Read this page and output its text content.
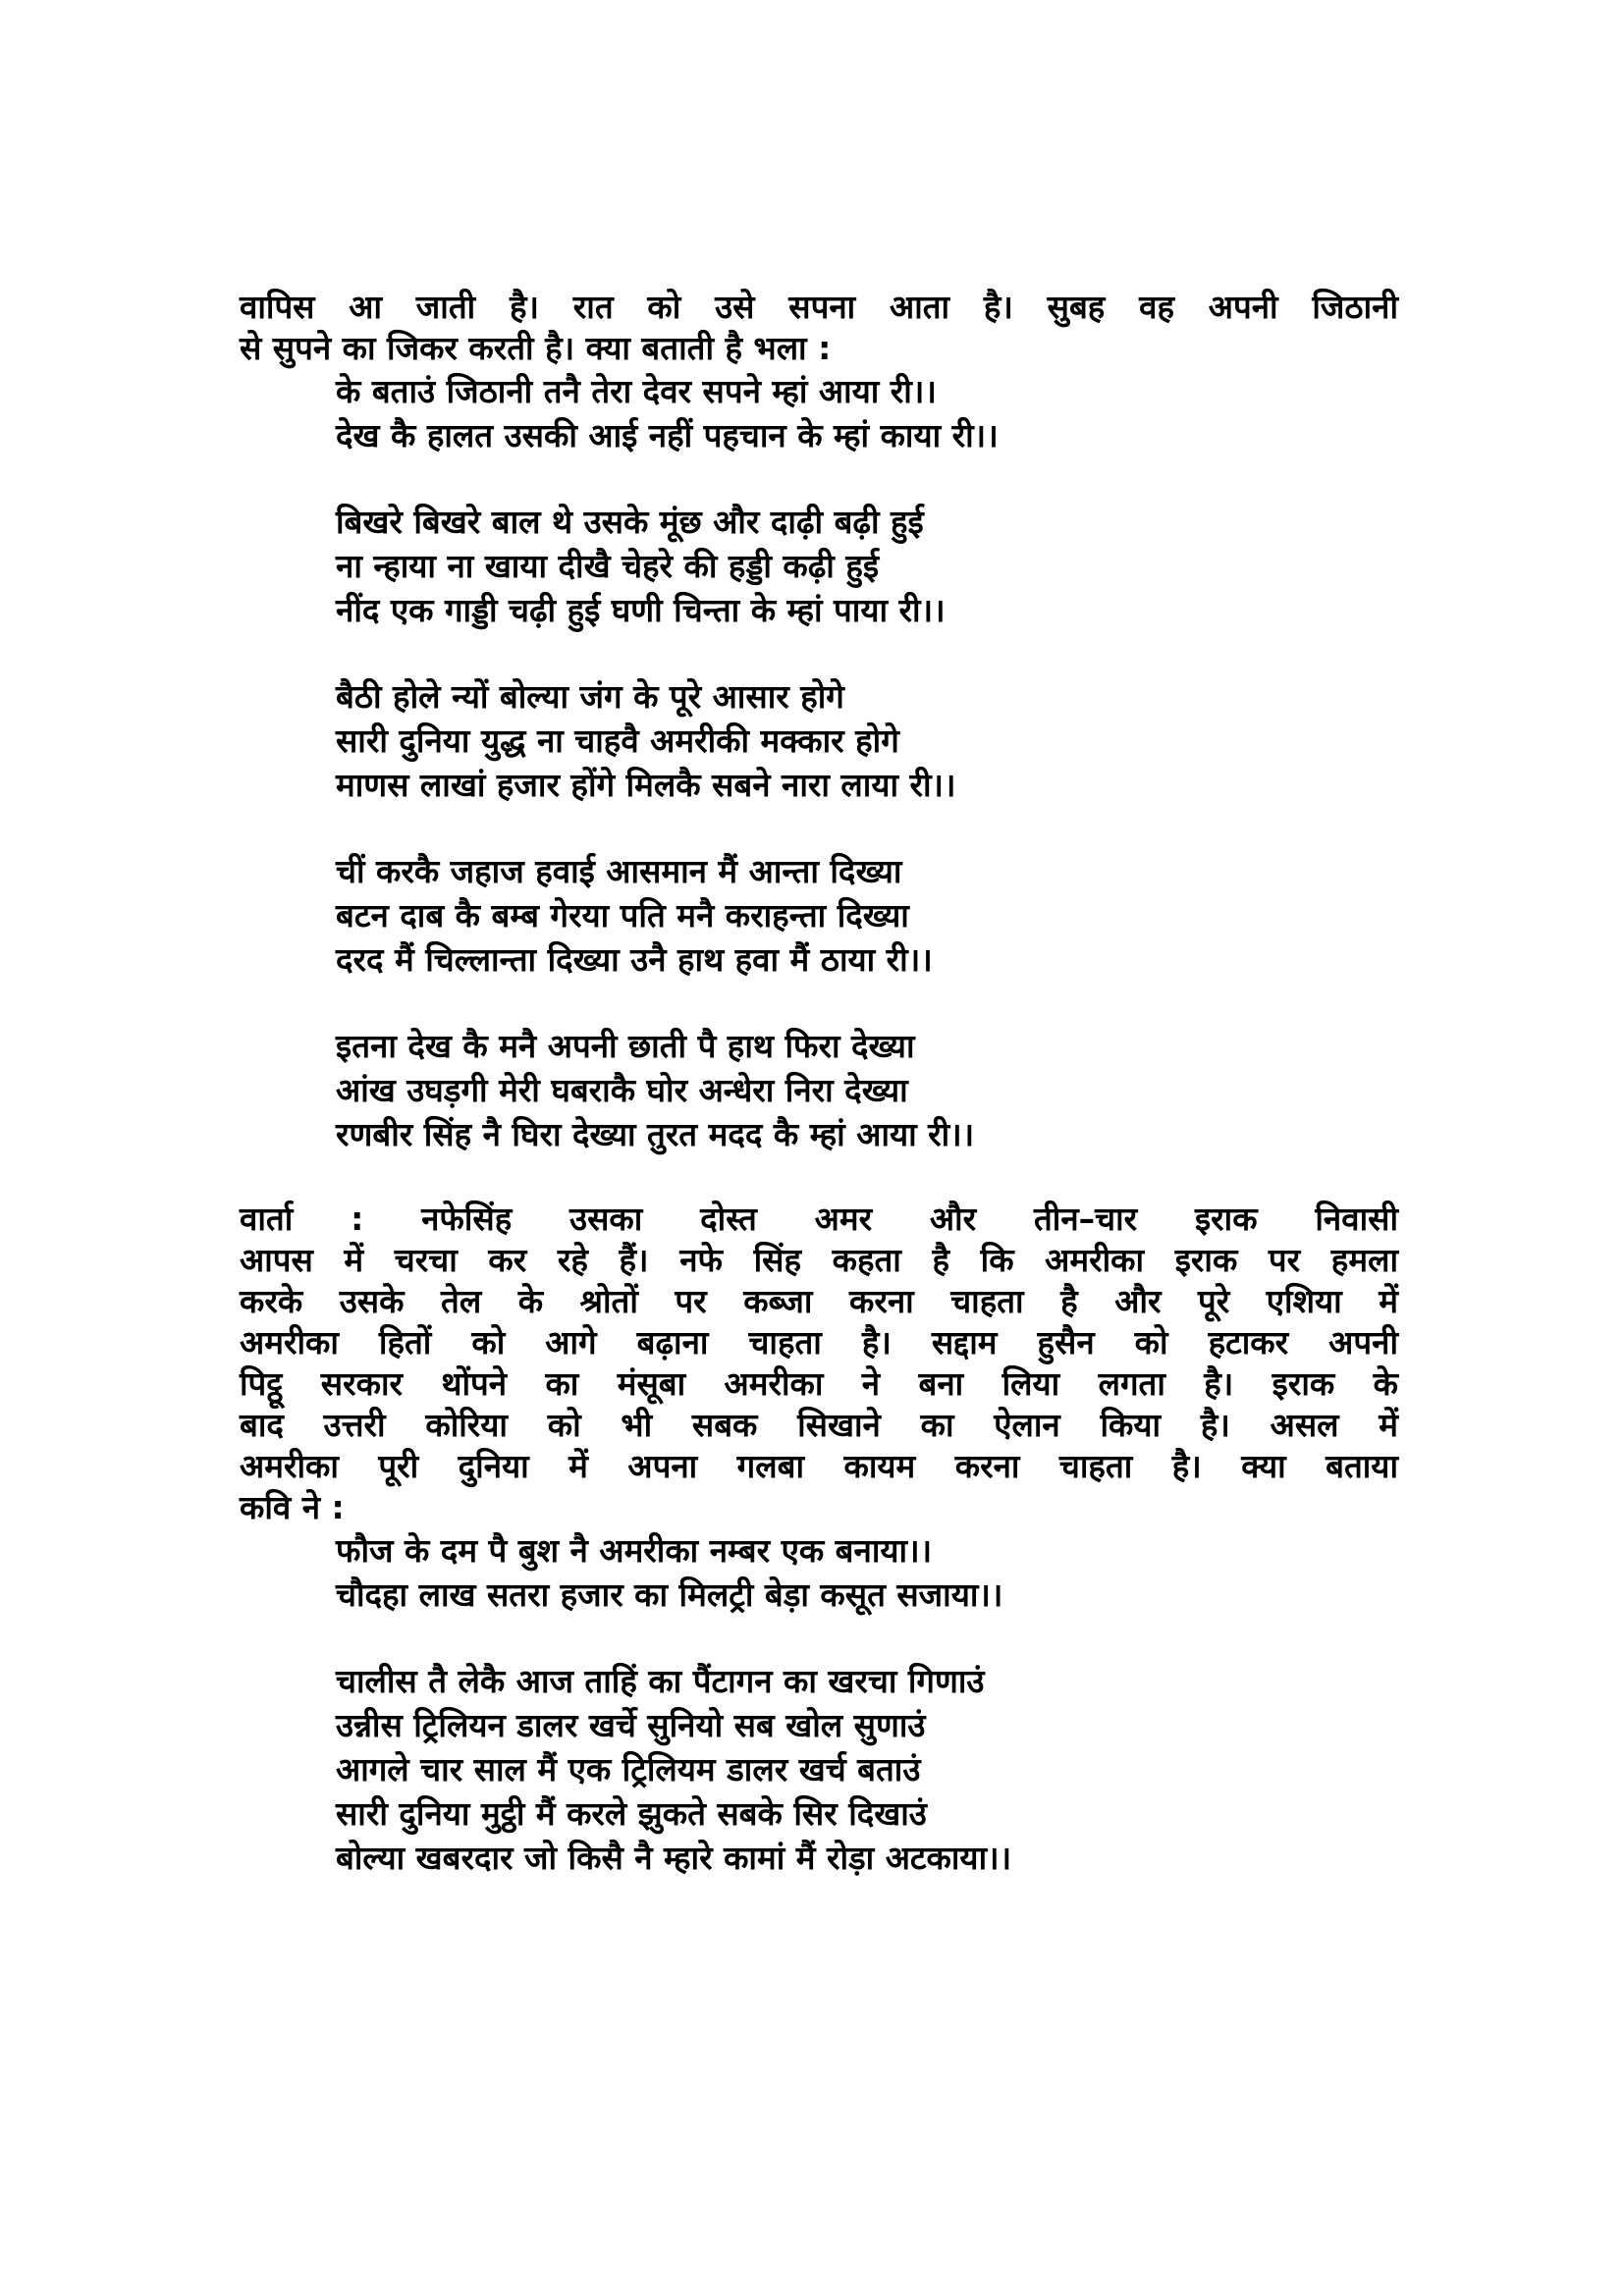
वापिस आ जाती है। रात को उसे सपना आता है। सुबह वह अपनी जिठानी
से सुपने का जिकर करती है। क्या बताती है भला :
के बताउं जिठानी तनै तेरा देवर सपने म्हां आया री।।
देख कै हालत उसकी आई नहीं पहचान के म्हां काया री।।
बिखरे बिखरे बाल थे उसके मूंछ और दाढ़ी बढ़ी हुई
ना न्हाया ना खाया दीखै चेहरे की हड्डी कढ़ी हुई
नींद एक गाड्डी चढ़ी हुई घणी चिन्ता के म्हां पाया री।।
बैठी होले न्यों बोल्या जंग के पूरे आसार होगे
सारी दुनिया युद्ध ना चाहवै अमरीकी मक्कार होगे
माणस लाखां हजार होंगे मिलकै सबने नारा लाया री।।
चीं करकै जहाज हवाई आसमान मैं आन्ता दिख्या
बटन दाब कै बम्ब गेरया पति मनै कराहन्ता दिख्या
दरद मैं चिल्लान्ता दिख्या उनै हाथ हवा मैं ठाया री।।
इतना देख कै मनै अपनी छाती पै हाथ फिरा देख्या
आंख उघड़गी मेरी घबराकै घोर अन्धेरा निरा देख्या
रणबीर सिंह नै घिरा देख्या तुरत मदद कै म्हां आया री।।
वार्ता : नफेसिंह उसका दोस्त अमर और तीन–चार इराक निवासी
आपस में चरचा कर रहे हैं। नफे सिंह कहता है कि अमरीका इराक पर हमला
करके उसके तेल के श्रोतों पर कब्जा करना चाहता है और पूरे एशिया में
अमरीका हितों को आगे बढ़ाना चाहता है। सद्दाम हुसैन को हटाकर अपनी
पिट्ठू सरकार थोंपने का मंसूबा अमरीका ने बना लिया लगता है। इराक के
बाद उत्तरी कोरिया को भी सबक सिखाने का ऐलान किया है। असल में
अमरीका पूरी दुनिया में अपना गलबा कायम करना चाहता है। क्या बताया
कवि ने :
फौज के दम पै बुश नै अमरीका नम्बर एक बनाया।।
चौदहा लाख सतरा हजार का मिलट्री बेड़ा कसूत सजाया।।
चालीस तै लेकै आज ताहिं का पैंटागन का खरचा गिणाउं
उन्नीस ट्रिलियन डालर खर्चे सुनियो सब खोल सुणाउं
आगले चार साल मैं एक ट्रिलियम डालर खर्च बताउं
सारी दुनिया मुट्ठी मैं करले झुकते सबके सिर दिखाउं
बोल्या खबरदार जो किसै नै म्हारे कामां मैं रोड़ा अटकाया।।
